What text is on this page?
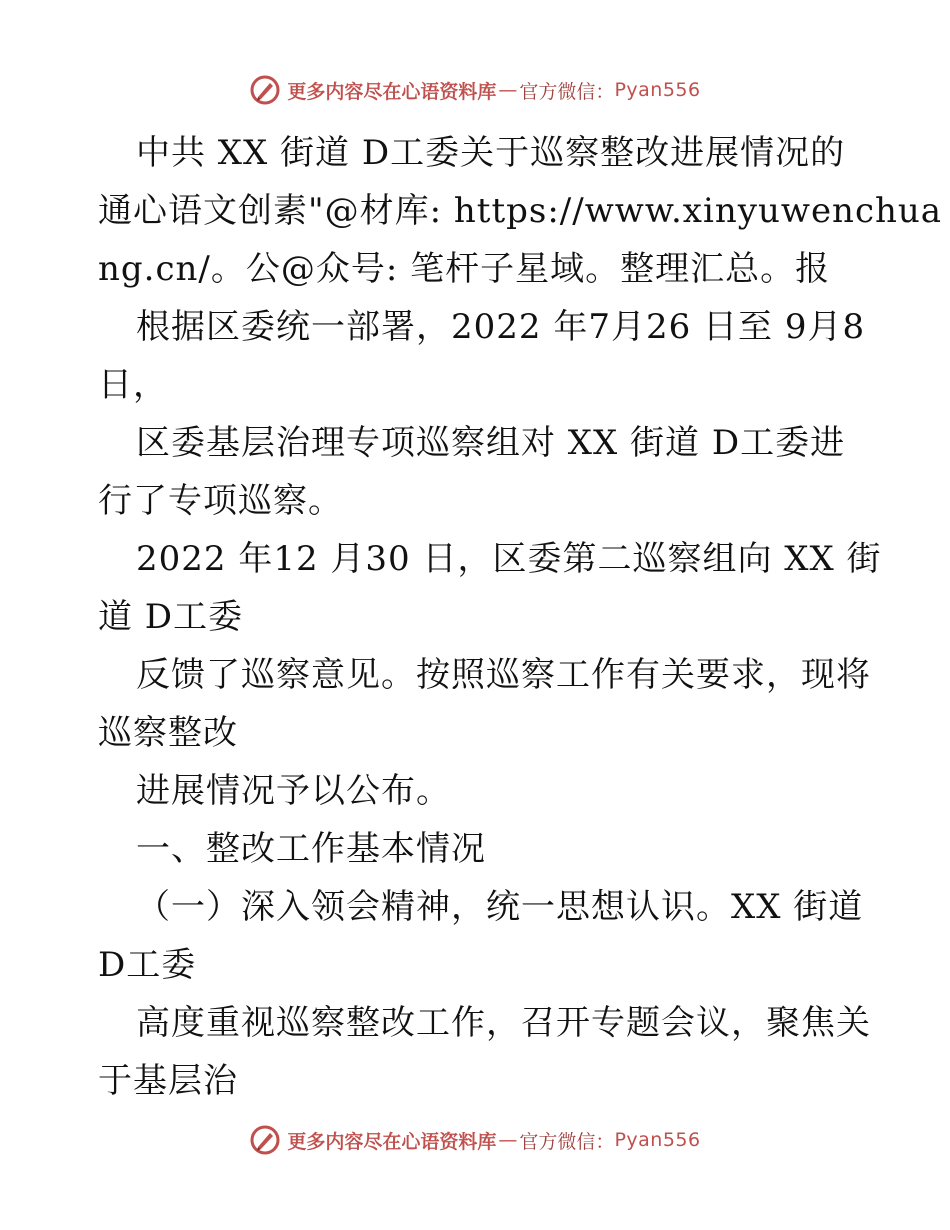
更多内容尽在心语资料库 — 官方微信： Pyan556

中共 XX 街道 D工委关于巡察整改进展情况的

通心语文创素"@材库: https://www.xinyuwenchua

ng.cn/。公@众号: 笔杆子星域。整理汇总。报

根据区委统一部署，2022 年7月26 日至 9月8

日，

区委基层治理专项巡察组对 XX 街道 D工委进

行了专项巡察。

2022 年12 月30 日，区委第二巡察组向 XX 街

道 D工委

反馈了巡察意见。按照巡察工作有关要求，现将

巡察整改

进展情况予以公布。

一、整改工作基本情况

（一）深入领会精神，统一思想认识。XX 街道

D工委

高度重视巡察整改工作，召开专题会议，聚焦关

于基层治

更多内容尽在心语资料库 — 官方微信： Pyan556
